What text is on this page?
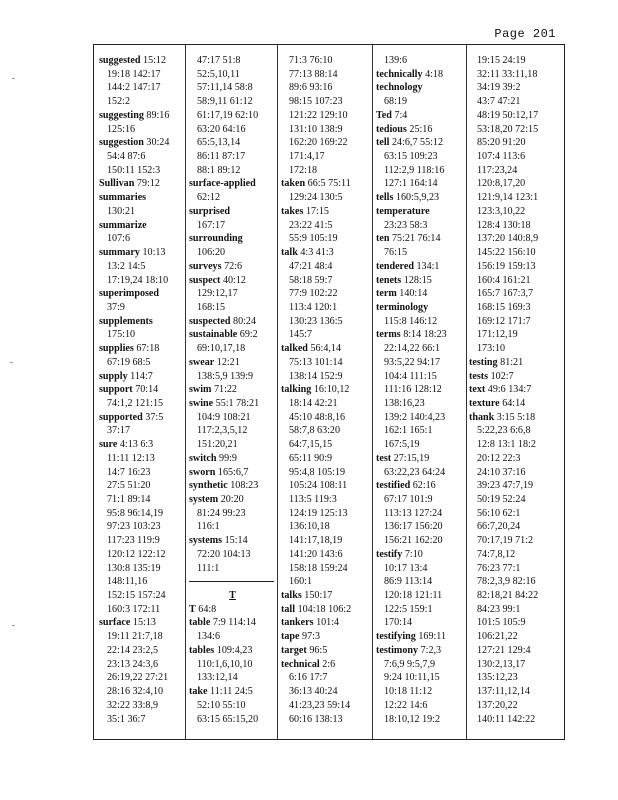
Page 201
suggested 15:12
19:18 142:17
144:2 147:17
152:2
suggesting 89:16
125:16
suggestion 30:24
54:4 87:6
150:11 152:3
Sullivan 79:12
summaries
130:21
summarize
107:6
summary 10:13
13:2 14:5
17:19,24 18:10
superimposed
37:9
supplements
175:10
supplies 67:18
67:19 68:5
supply 114:7
support 70:14
74:1,2 121:15
supported 37:5
37:17
sure 4:13 6:3
11:11 12:13
14:7 16:23
27:5 51:20
71:1 89:14
95:8 96:14,19
97:23 103:23
117:23 119:9
120:12 122:12
130:8 135:19
148:11,16
152:15 157:24
160:3 172:11
surface 15:13
19:11 21:7,18
22:14 23:2,5
23:13 24:3,6
26:19,22 27:21
28:16 32:4,10
32:22 33:8,9
35:1 36:7
47:17 51:8
52:5,10,11
57:11,14 58:8
58:9,11 61:12
61:17,19 62:10
63:20 64:16
65:5,13,14
86:11 87:17
88:1 89:12
surface-applied
62:12
surprised
167:17
surrounding
106:20
surveys 72:6
suspect 40:12
129:12,17
168:15
suspected 80:24
sustainable 69:2
69:10,17,18
swear 12:21
138:5,9 139:9
swim 71:22
swine 55:1 78:21
104:9 108:21
117:2,3,5,12
151:20,21
switch 99:9
sworn 165:6,7
synthetic 108:23
system 20:20
81:24 99:23
116:1
systems 15:14
72:20 104:13
111:1
T
T 64:8
table 7:9 114:14
134:6
tables 109:4,23
110:1,6,10,10
133:12,14
take 11:11 24:5
52:10 55:10
63:15 65:15,20
71:3 76:10
77:13 88:14
89:6 93:16
98:15 107:23
121:22 129:10
131:10 138:9
162:20 169:22
171:4,17
172:18
taken 66:5 75:11
129:24 130:5
takes 17:15
23:22 41:5
55:9 105:19
talk 4:3 41:3
47:21 48:4
58:18 59:7
77:9 102:22
113:4 120:1
130:23 136:5
145:7
talked 56:4,14
75:13 101:14
138:14 152:9
talking 16:10,12
18:14 42:21
45:10 48:8,16
58:7,8 63:20
64:7,15,15
65:11 90:9
95:4,8 105:19
105:24 108:11
113:5 119:3
124:19 125:13
136:10,18
141:17,18,19
141:20 143:6
158:18 159:24
160:1
talks 150:17
tall 104:18 106:2
tankers 101:4
tape 97:3
target 96:5
technical 2:6
6:16 17:7
36:13 40:24
41:23,23 59:14
60:16 138:13
139:6
technically 4:18
technology
68:19
Ted 7:4
tedious 25:16
tell 24:6,7 55:12
63:15 109:23
112:2,9 118:16
127:1 164:14
tells 160:5,9,23
temperature
23:23 58:3
ten 75:21 76:14
76:15
tendered 134:1
tenets 128:15
term 140:14
terminology
115:8 146:12
terms 8:14 18:23
22:14,22 66:1
93:5,22 94:17
104:4 111:15
111:16 128:12
138:16,23
139:2 140:4,23
162:1 165:1
167:5,19
test 27:15,19
63:22,23 64:24
testified 62:16
67:17 101:9
113:13 127:24
136:17 156:20
156:21 162:20
testify 7:10
10:17 13:4
86:9 113:14
120:18 121:11
122:5 159:1
170:14
testifying 169:11
testimony 7:2,3
7:6,9 9:5,7,9
9:24 10:11,15
10:18 11:12
12:22 14:6
18:10,12 19:2
19:15 24:19
32:11 33:11,18
34:19 39:2
43:7 47:21
48:19 50:12,17
53:18,20 72:15
85:20 91:20
107:4 113:6
117:23,24
120:8,17,20
121:9,14 123:1
123:3,10,22
128:4 130:18
137:20 140:8,9
145:22 156:10
156:19 159:13
160:4 161:21
165:7 167:3,7
168:15 169:3
169:12 171:7
171:12,19
173:10
testing 81:21
tests 102:7
text 49:6 134:7
texture 64:14
thank 3:15 5:18
5:22,23 6:6,8
12:8 13:1 18:2
20:12 22:3
24:10 37:16
39:23 47:7,19
50:19 52:24
56:10 62:1
66:7,20,24
70:17,19 71:2
74:7,8,12
76:23 77:1
78:2,3,9 82:16
82:18,21 84:22
84:23 99:1
101:5 105:9
106:21,22
127:21 129:4
130:2,13,17
135:12,23
137:11,12,14
137:20,22
140:11 142:22
